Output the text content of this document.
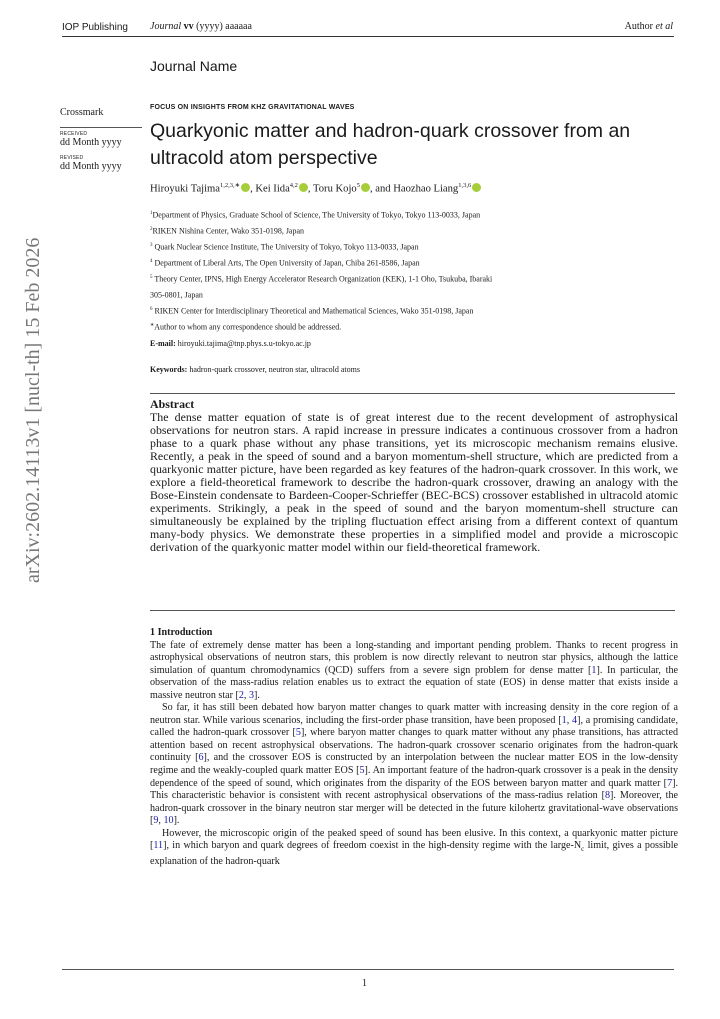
IOP Publishing Journal vv (yyyy) aaaaaa	Author et al
Journal Name
Crossmark
RECEIVED
dd Month yyyy
REVISED
dd Month yyyy
arXiv:2602.14113v1 [nucl-th] 15 Feb 2026
FOCUS ON INSIGHTS FROM KHZ GRAVITATIONAL WAVES
Quarkyonic matter and hadron-quark crossover from an ultracold atom perspective
Hiroyuki Tajima$^{1,2,3,∗}$ , Kei Iida$^{4,2}$ , Toru Kojo$^5$ , and Haozhao Liang$^{1,3,6}$
$^1$Department of Physics, Graduate School of Science, The University of Tokyo, Tokyo 113-0033, Japan
$^2$RIKEN Nishina Center, Wako 351-0198, Japan
$^3$ Quark Nuclear Science Institute, The University of Tokyo, Tokyo 113-0033, Japan
$^4$ Department of Liberal Arts, The Open University of Japan, Chiba 261-8586, Japan
$^5$ Theory Center, IPNS, High Energy Accelerator Research Organization (KEK), 1-1 Oho, Tsukuba, Ibaraki
305-0801, Japan
$^6$ RIKEN Center for Interdisciplinary Theoretical and Mathematical Sciences, Wako 351-0198, Japan
∗Author to whom any correspondence should be addressed.
E-mail: hiroyuki.tajima@tnp.phys.s.u-tokyo.ac.jp
Keywords: hadron-quark crossover, neutron star, ultracold atoms
Abstract
The dense matter equation of state is of great interest due to the recent development of astrophysical observations for neutron stars. A rapid increase in pressure indicates a continuous crossover from a hadron phase to a quark phase without any phase transitions, yet its microscopic mechanism remains elusive. Recently, a peak in the speed of sound and a baryon momentum-shell structure, which are predicted from a quarkyonic matter picture, have been regarded as key features of the hadron-quark crossover. In this work, we explore a field-theoretical framework to describe the hadron-quark crossover, drawing an analogy with the Bose-Einstein condensate to Bardeen-Cooper-Schrieffer (BEC-BCS) crossover established in ultracold atomic experiments. Strikingly, a peak in the speed of sound and the baryon momentum-shell structure can simultaneously be explained by the tripling fluctuation effect arising from a different context of quantum many-body physics. We demonstrate these properties in a simplified model and provide a microscopic derivation of the quarkyonic matter model within our field-theoretical framework.
1 Introduction

The fate of extremely dense matter has been a long-standing and important pending problem. Thanks to recent progress in astrophysical observations of neutron stars, this problem is now directly relevant to neutron star physics, although the lattice simulation of quantum chromodynamics (QCD) suffers from a severe sign problem for dense matter [1]. In particular, the observation of the mass-radius relation enables us to extract the equation of state (EOS) in dense matter that exists inside a massive neutron star [2, 3].

So far, it has still been debated how baryon matter changes to quark matter with increasing density in the core region of a neutron star. While various scenarios, including the first-order phase transition, have been proposed [1, 4], a promising candidate, called the hadron-quark crossover [5], where baryon matter changes to quark matter without any phase transitions, has attracted attention based on recent astrophysical observations. The hadron-quark crossover scenario originates from the hadron-quark continuity [6], and the crossover EOS is constructed by an interpolation between the nuclear matter EOS in the low-density regime and the weakly-coupled quark matter EOS [5]. An important feature of the hadron-quark crossover is a peak in the density dependence of the speed of sound, which originates from the disparity of the EOS between baryon matter and quark matter [7]. This characteristic behavior is consistent with recent astrophysical observations of the mass-radius relation [8]. Moreover, the hadron-quark crossover in the binary neutron star merger will be detected in the future kilohertz gravitational-wave observations [9, 10].

However, the microscopic origin of the peaked speed of sound has been elusive. In this context, a quarkyonic matter picture [11], in which baryon and quark degrees of freedom coexist in the high-density regime with the large-$N_c$ limit, gives a possible explanation of the hadron-quark

1
